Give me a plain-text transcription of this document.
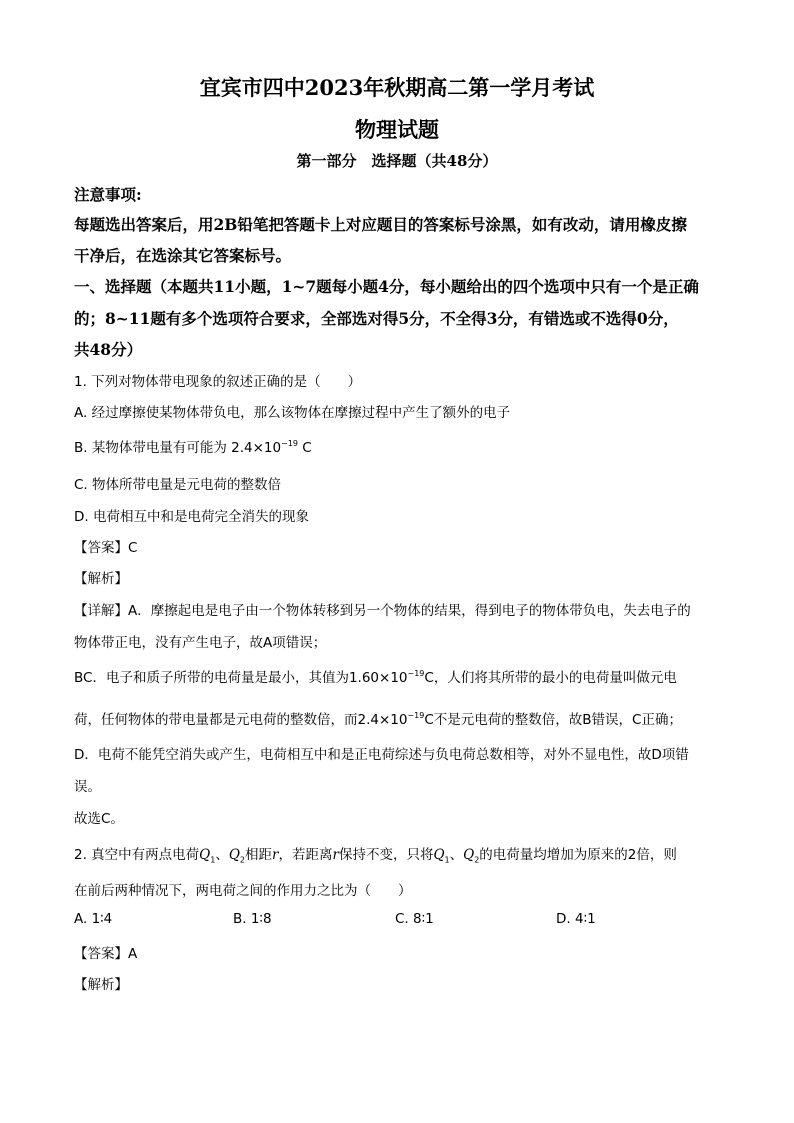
宜宾市四中2023年秋期高二第一学月考试
物理试题
第一部分　选择题（共48分）
注意事项:
每题选出答案后，用2B铅笔把答题卡上对应题目的答案标号涂黑，如有改动，请用橡皮擦
干净后，在选涂其它答案标号。
一、选择题（本题共11小题，1~7题每小题4分，每小题给出的四个选项中只有一个是正确
的；8~11题有多个选项符合要求，全部选对得5分，不全得3分，有错选或不选得0分，
共48分）
1. 下列对物体带电现象的叙述正确的是（　　）
A. 经过摩擦使某物体带负电，那么该物体在摩擦过程中产生了额外的电子
B. 某物体带电量有可能为 $2.4\times 10^{-19}$ C
C. 物体所带电量是元电荷的整数倍
D. 电荷相互中和是电荷完全消失的现象
【答案】C
【解析】
【详解】A．摩擦起电是电子由一个物体转移到另一个物体的结果，得到电子的物体带负电，失去电子的
物体带正电，没有产生电子，故A项错误；
BC．电子和质子所带的电荷量是最小，其值为$1.60\times 10^{-19}C$，人们将其所带的最小的电荷量叫做元电
荷，任何物体的带电量都是元电荷的整数倍，而$2.4\times 10^{-19}C$不是元电荷的整数倍，故B错误，C正确；
D．电荷不能凭空消失或产生，电荷相互中和是正电荷综述与负电荷总数相等，对外不显电性，故D项错
误。
故选C。
2. 真空中有两点电荷$Q_1$、$Q_2$相距r，若距离r保持不变，只将$Q_1$、$Q_2$的电荷量均增加为原来的2倍，则
在前后两种情况下，两电荷之间的作用力之比为（　　）
A. 1∶4	B. 1∶8	C. 8∶1	D. 4∶1
【答案】A
【解析】
